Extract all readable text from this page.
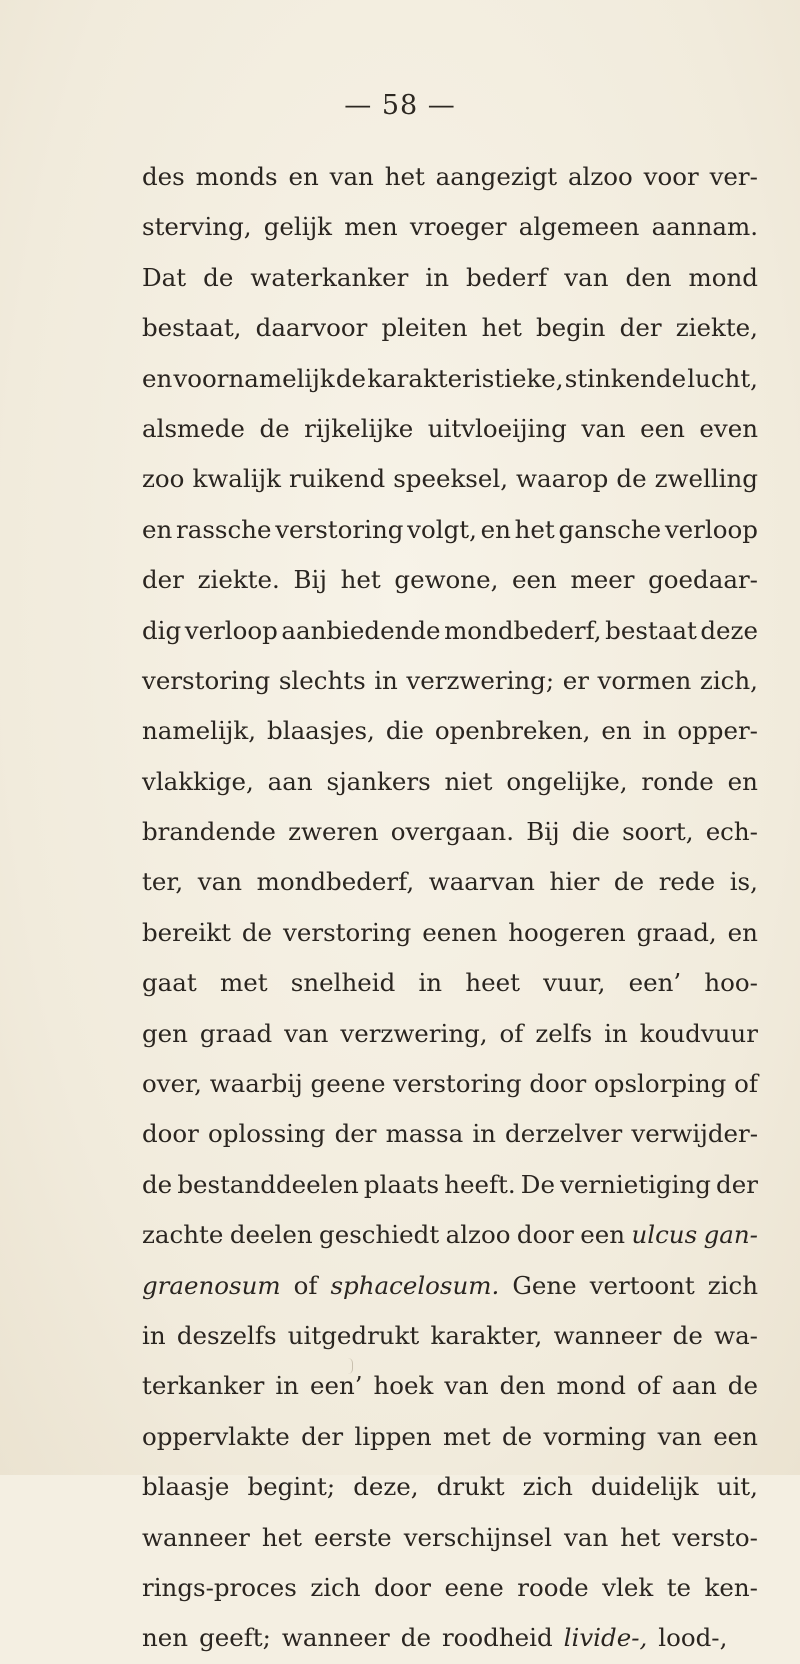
— 58 —
des monds en van het aangezigt alzoo voor ver-
sterving, gelijk men vroeger algemeen aannam.
Dat de waterkanker in bederf van den mond
bestaat, daarvoor pleiten het begin der ziekte,
en voornamelijk de karakteristieke, stinkende lucht,
alsmede de rijkelijke uitvloeijing van een even
zoo kwalijk ruikend speeksel, waarop de zwelling
en rassche verstoring volgt, en het gansche verloop
der ziekte. Bij het gewone, een meer goedaar-
dig verloop aanbiedende mondbederf, bestaat deze
verstoring slechts in verzwering; er vormen zich,
namelijk, blaasjes, die openbreken, en in opper-
vlakkige, aan sjankers niet ongelijke, ronde en
brandende zweren overgaan. Bij die soort, ech-
ter, van mondbederf, waarvan hier de rede is,
bereikt de verstoring eenen hoogeren graad, en
gaat met snelheid in heet vuur, een’ hoo-
gen graad van verzwering, of zelfs in koudvuur
over, waarbij geene verstoring door opslorping of
door oplossing der massa in derzelver verwijder-
de bestanddeelen plaats heeft. De vernietiging der
zachte deelen geschiedt alzoo door een ulcus gan-
graenosum of sphacelosum. Gene vertoont zich
in deszelfs uitgedrukt karakter, wanneer de wa-
terkanker in een’ hoek van den mond of aan de
oppervlakte der lippen met de vorming van een
blaasje begint; deze, drukt zich duidelijk uit,
wanneer het eerste verschijnsel van het versto-
rings-proces zich door eene roode vlek te ken-
nen geeft; wanneer de roodheid livide-, lood-,
